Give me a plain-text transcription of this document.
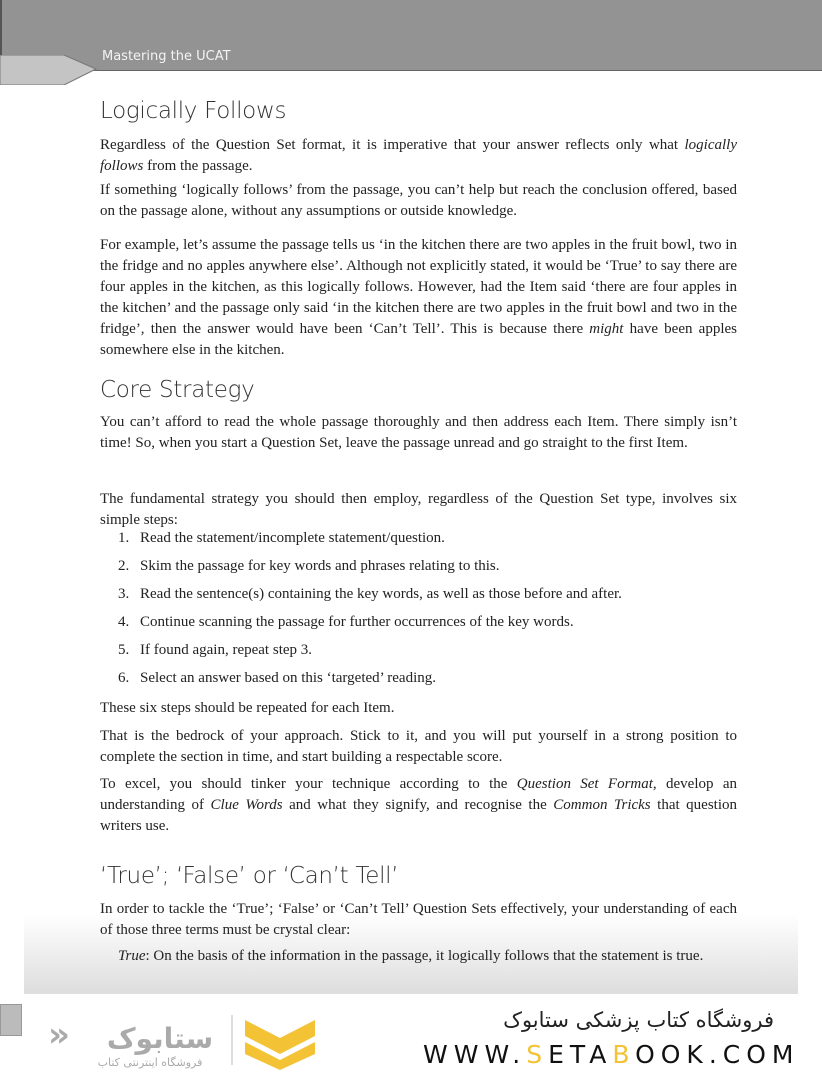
Mastering the UCAT
Logically Follows

Regardless of the Question Set format, it is imperative that your answer reflects only what logically follows from the passage.

If something ‘logically follows’ from the passage, you can’t help but reach the conclusion offered, based on the passage alone, without any assumptions or outside knowledge.

For example, let’s assume the passage tells us ‘in the kitchen there are two apples in the fruit bowl, two in the fridge and no apples anywhere else’. Although not explicitly stated, it would be ‘True’ to say there are four apples in the kitchen, as this logically follows. However, had the Item said ‘there are four apples in the kitchen’ and the passage only said ‘in the kitchen there are two apples in the fruit bowl and two in the fridge’, then the answer would have been ‘Can’t Tell’. This is because there might have been apples somewhere else in the kitchen.

Core Strategy

You can’t afford to read the whole passage thoroughly and then address each Item. There simply isn’t time! So, when you start a Question Set, leave the passage unread and go straight to the first Item.

The fundamental strategy you should then employ, regardless of the Question Set type, involves six simple steps:

1. Read the statement/incomplete statement/question.
2. Skim the passage for key words and phrases relating to this.
3. Read the sentence(s) containing the key words, as well as those before and after.
4. Continue scanning the passage for further occurrences of the key words.
5. If found again, repeat step 3.
6. Select an answer based on this ‘targeted’ reading.

These six steps should be repeated for each Item.

That is the bedrock of your approach. Stick to it, and you will put yourself in a strong position to complete the section in time, and start building a respectable score.

To excel, you should tinker your technique according to the Question Set Format, develop an understanding of Clue Words and what they signify, and recognise the Common Tricks that question writers use.

‘True’; ‘False’ or ‘Can’t Tell’

In order to tackle the ‘True’; ‘False’ or ‘Can’t Tell’ Question Sets effectively, your understanding of each of those three terms must be crystal clear:

True: On the basis of the information in the passage, it logically follows that the statement is true.

« ستابوک
فروشگاه اینترنتی کتاب
فروشگاه کتاب پزشکی ستابوک
WWW.SETABOOK.COM
